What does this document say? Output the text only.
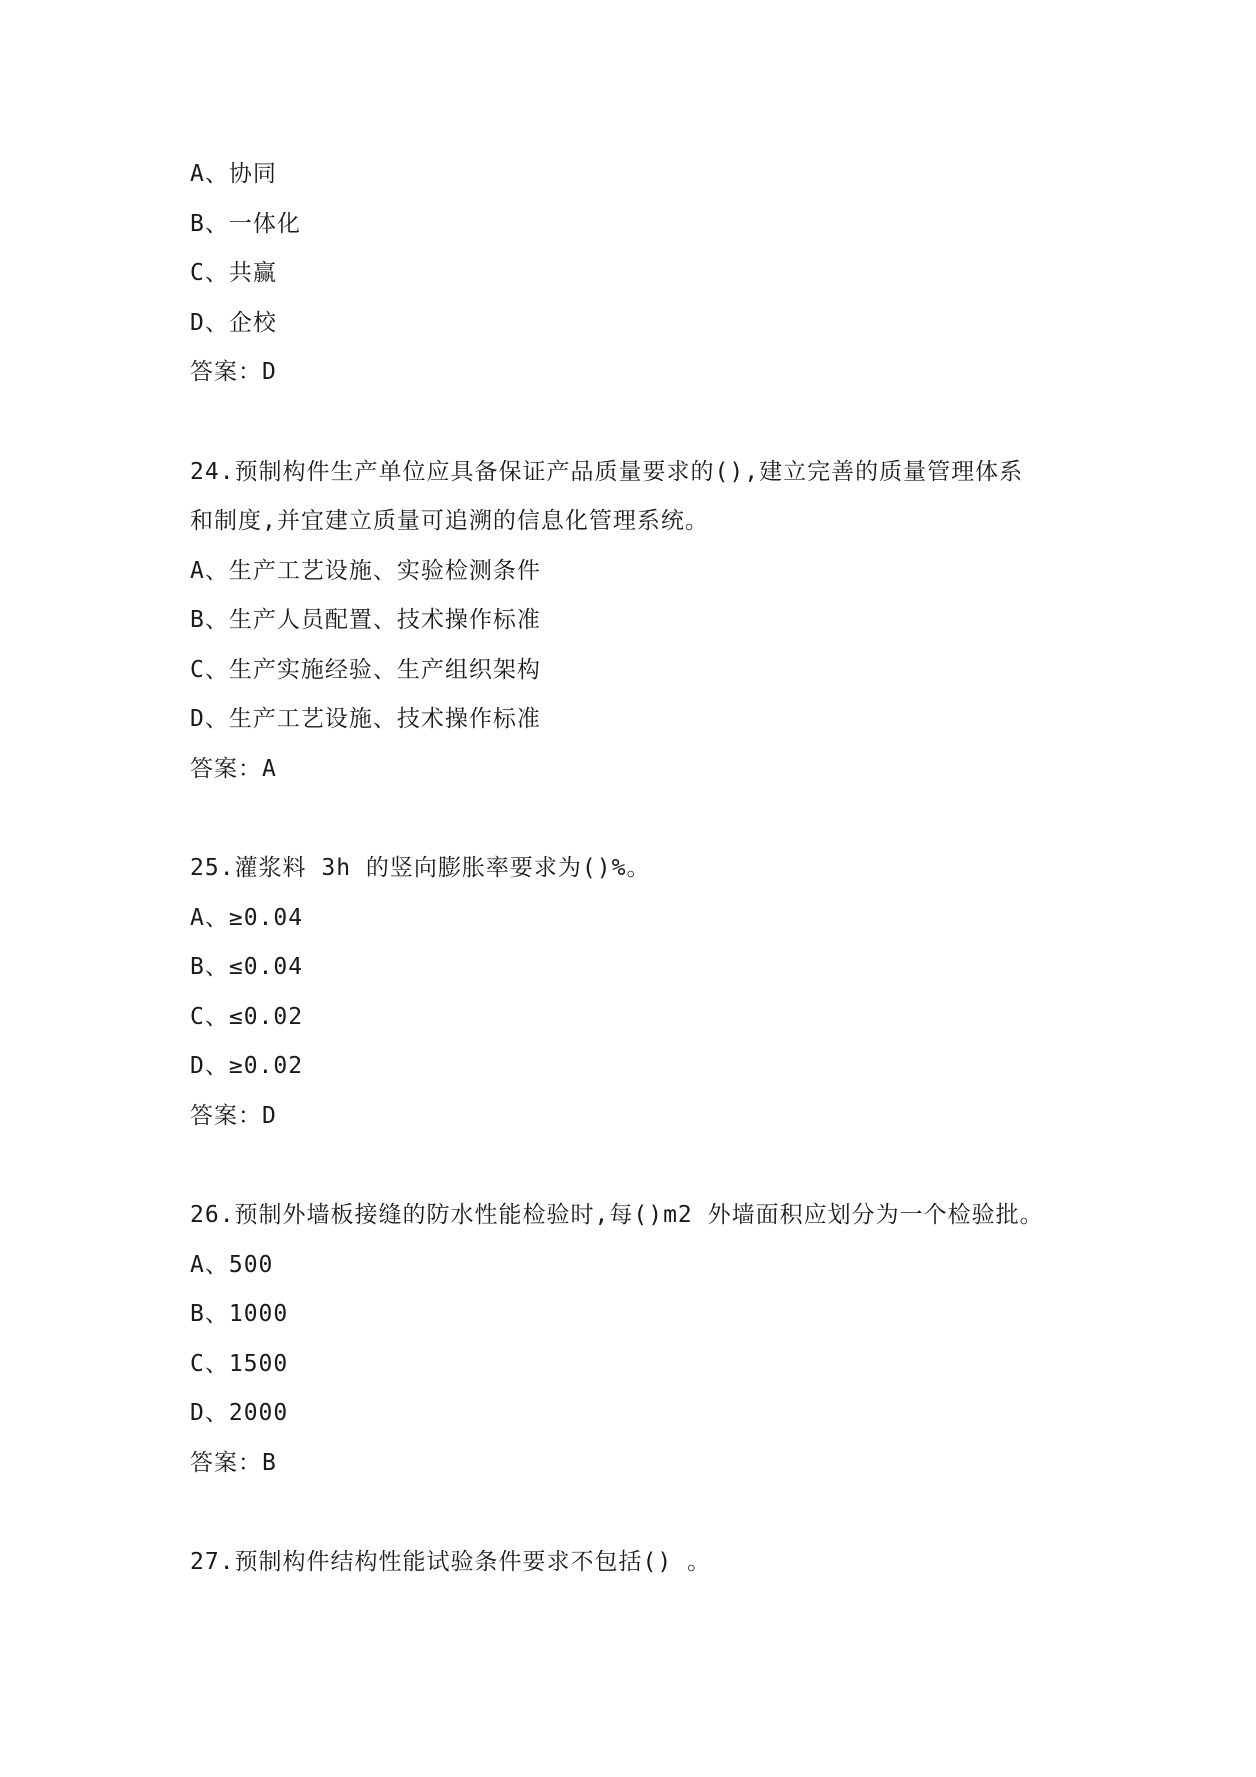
A、协同
B、一体化
C、共赢
D、企校
答案：D
24.预制构件生产单位应具备保证产品质量要求的(),建立完善的质量管理体系
和制度,并宜建立质量可追溯的信息化管理系统。
A、生产工艺设施、实验检测条件
B、生产人员配置、技术操作标准
C、生产实施经验、生产组织架构
D、生产工艺设施、技术操作标准
答案：A
25.灌浆料 3h 的竖向膨胀率要求为()%。
A、≥0.04
B、≤0.04
C、≤0.02
D、≥0.02
答案：D
26.预制外墙板接缝的防水性能检验时,每()m2 外墙面积应划分为一个检验批。
A、500
B、1000
C、1500
D、2000
答案：B
27.预制构件结构性能试验条件要求不包括() 。
